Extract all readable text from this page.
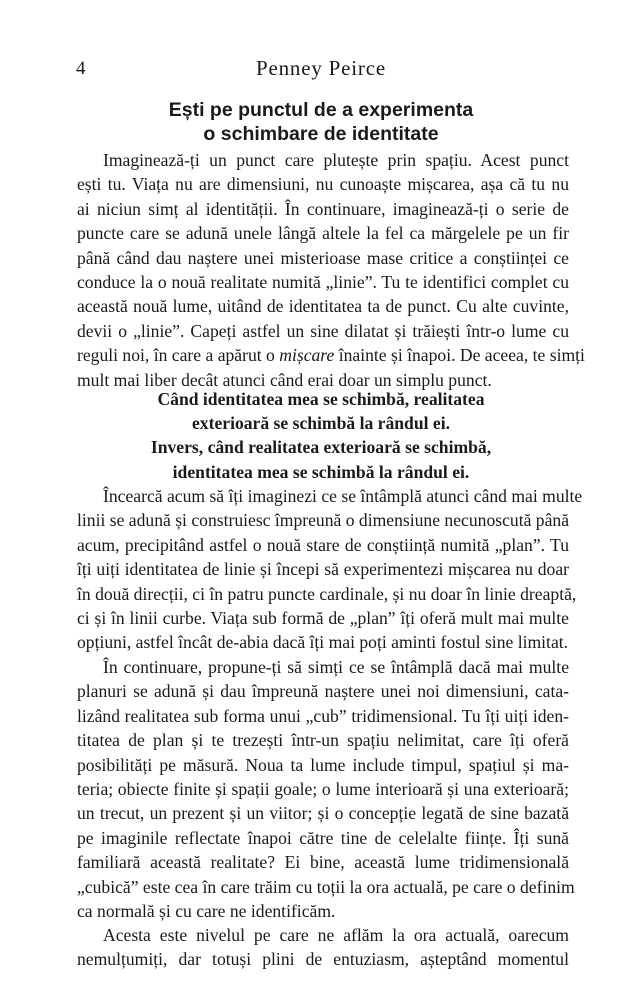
4	Penney Peirce
Ești pe punctul de a experimenta
o schimbare de identitate
Imaginează-ți un punct care plutește prin spațiu. Acest punct
ești tu. Viața nu are dimensiuni, nu cunoaște mișcarea, așa că tu nu
ai niciun simț al identității. În continuare, imaginează-ți o serie de
puncte care se adună unele lângă altele la fel ca mărgelele pe un fir
până când dau naștere unei misterioase mase critice a conștiinței ce
conduce la o nouă realitate numită „linie”. Tu te identifici complet cu
această nouă lume, uitând de identitatea ta de punct. Cu alte cuvinte,
devii o „linie”. Capeți astfel un sine dilatat și trăiești într-o lume cu
reguli noi, în care a apărut o mișcare înainte și înapoi. De aceea, te simți
mult mai liber decât atunci când erai doar un simplu punct.
Când identitatea mea se schimbă, realitatea
exterioară se schimbă la rândul ei.
Invers, când realitatea exterioară se schimbă,
identitatea mea se schimbă la rândul ei.
Încearcă acum să îți imaginezi ce se întâmplă atunci când mai multe
linii se adună și construiesc împreună o dimensiune necunoscută până
acum, precipitând astfel o nouă stare de conștiință numită „plan”. Tu
îți uiți identitatea de linie și începi să experimentezi mișcarea nu doar
în două direcții, ci în patru puncte cardinale, și nu doar în linie dreaptă,
ci și în linii curbe. Viața sub formă de „plan” îți oferă mult mai multe
opțiuni, astfel încât de-abia dacă îți mai poți aminti fostul sine limitat.
În continuare, propune-ți să simți ce se întâmplă dacă mai multe
planuri se adună și dau împreună naștere unei noi dimensiuni, cata-
lizând realitatea sub forma unui „cub” tridimensional. Tu îți uiți iden-
titatea de plan și te trezești într-un spațiu nelimitat, care îți oferă
posibilități pe măsură. Noua ta lume include timpul, spațiul și ma-
teria; obiecte finite și spații goale; o lume interioară și una exterioară;
un trecut, un prezent și un viitor; și o concepție legată de sine bazată
pe imaginile reflectate înapoi către tine de celelalte ființe. Îți sună
familiară această realitate? Ei bine, această lume tridimensională
„cubică” este cea în care trăim cu toții la ora actuală, pe care o definim
ca normală și cu care ne identificăm.
Acesta este nivelul pe care ne aflăm la ora actuală, oarecum
nemulțumiți, dar totuși plini de entuziasm, așteptând momentul
